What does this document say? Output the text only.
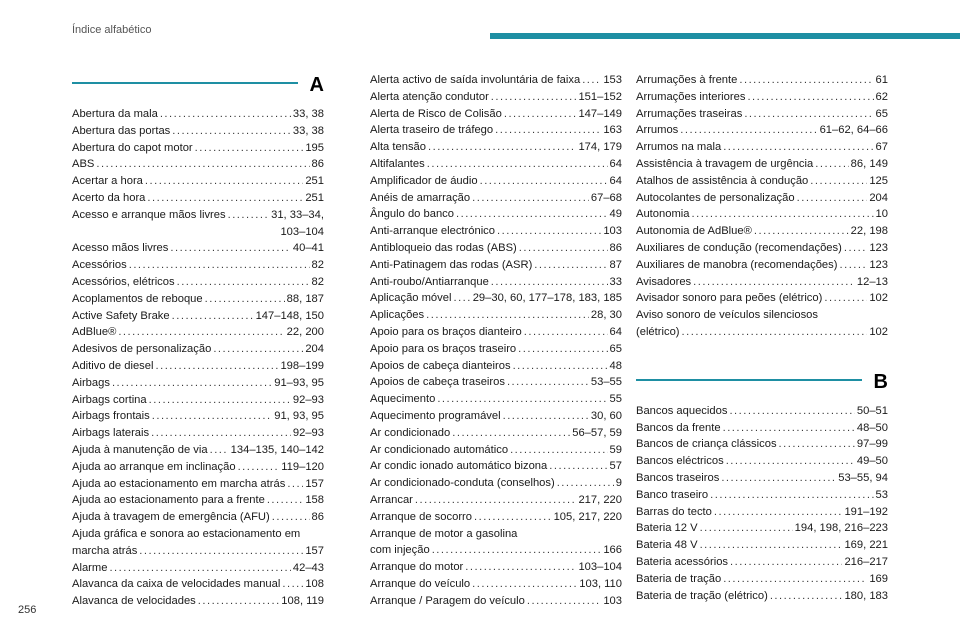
Índice alfabético
A
Abertura da mala .....	33, 38
Abertura das portas .....	33, 38
Abertura do capot motor .....	195
ABS .....	86
Acertar a hora .....	251
Acerto da hora .....	251
Acesso e arranque mãos livres .....	31, 33–34,
103–104
Acesso mãos livres .....	40–41
Acessórios .....	82
Acessórios, elétricos .....	82
Acoplamentos de reboque .....	88, 187
Active Safety Brake .....	147–148, 150
AdBlue® .....	22, 200
Adesivos de personalização .....	204
Aditivo de diesel .....	198–199
Airbags .....	91–93, 95
Airbags cortina .....	92–93
Airbags frontais .....	91, 93, 95
Airbags laterais .....	92–93
Ajuda à manutenção de via ..... 134–135, 140–142
Ajuda ao arranque em inclinação .....	119–120
Ajuda ao estacionamento em marcha atrás ..... 157
Ajuda ao estacionamento para a frente .....	158
Ajuda à travagem de emergência (AFU) .....	86
Ajuda gráfica e sonora ao estacionamento em
marcha atrás .....	157
Alarme .....	42–43
Alavanca da caixa de velocidades manual ..... 108
Alavanca de velocidades .....	108, 119
Alerta activo de saída involuntária de faixa ..... 153
Alerta atenção condutor .....	151–152
Alerta de Risco de Colisão .....	147–149
Alerta traseiro de tráfego .....	163
Alta tensão .....	174, 179
Altifalantes .....	64
Amplificador de áudio .....	64
Anéis de amarração .....	67–68
Ângulo do banco .....	49
Anti-arranque electrónico .....	103
Antibloqueio das rodas (ABS) .....	86
Anti-Patinagem das rodas (ASR) .....	87
Anti-roubo/Antiarranque .....	33
Aplicação móvel ..... 29–30, 60, 177–178, 183, 185
Aplicações .....	28, 30
Apoio para os braços dianteiro .....	64
Apoio para os braços traseiro .....	65
Apoios de cabeça dianteiros .....	48
Apoios de cabeça traseiros .....	53–55
Aquecimento .....	55
Aquecimento programável .....	30, 60
Ar condicionado .....	56–57, 59
Ar condicionado automático .....	59
Ar condic ionado automático bizona .....	57
Ar condicionado-conduta (conselhos) .....	9
Arrancar .....	217, 220
Arranque de socorro .....	105, 217, 220
Arranque de motor a gasolina
com injeção .....	166
Arranque do motor .....	103–104
Arranque do veículo .....	103, 110
Arranque / Paragem do veículo .....	103
Arrumações à frente .....	61
Arrumações interiores .....	62
Arrumações traseiras .....	65
Arrumos .....	61–62, 64–66
Arrumos na mala .....	67
Assistência à travagem de urgência .....	86, 149
Atalhos de assistência à condução .....	125
Autocolantes de personalização .....	204
Autonomia .....	10
Autonomia de AdBlue® .....	22, 198
Auxiliares de condução (recomendações) ..... 123
Auxiliares de manobra (recomendações) .....	123
Avisadores .....	12–13
Avisador sonoro para peões (elétrico) .....	102
Aviso sonoro de veículos silenciosos
(elétrico) .....	102
B
Bancos aquecidos .....	50–51
Bancos da frente .....	48–50
Bancos de criança clássicos .....	97–99
Bancos eléctricos .....	49–50
Bancos traseiros .....	53–55, 94
Banco traseiro .....	53
Barras do tecto .....	191–192
Bateria 12 V .....	194, 198, 216–223
Bateria 48 V .....	169, 221
Bateria acessórios .....	216–217
Bateria de tração .....	169
Bateria de tração (elétrico) .....	180, 183
256
